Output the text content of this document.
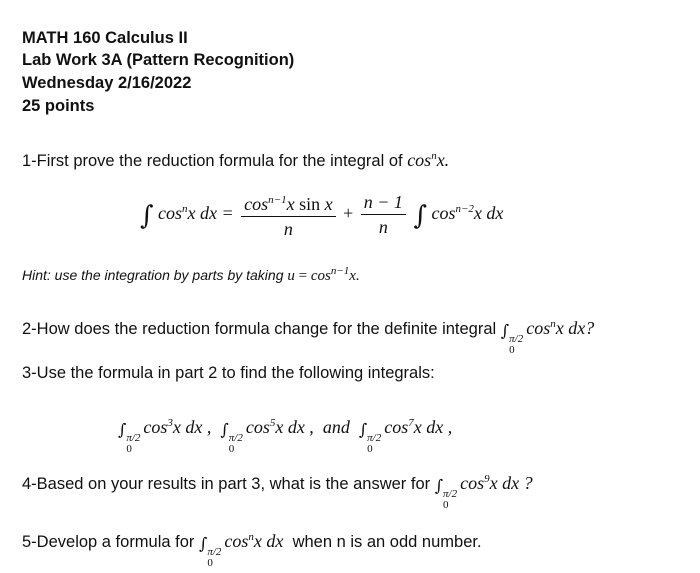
MATH 160 Calculus II
Lab Work 3A (Pattern Recognition)
Wednesday 2/16/2022
25 points
1-First prove the reduction formula for the integral of $\cos^nx$.
∫ $\cos^nx$ dx = $\frac{\cos^{n-1}x \sin x}{n} + \frac{n - 1}{n}$ ∫ $\cos^{n-2}x$ dx
Hint: use the integration by parts by taking $u = \cos^{n-1}x$.
2-How does the reduction formula change for the definite integral ∫ π/2
0
$\cos^nx$ dx?
3-Use the formula in part 2 to find the following integrals:
∫ π/2
0
$\cos^3x$ dx ,  ∫ π/2
0
$\cos^5x$ dx ,  and ∫ π/2
0
$\cos^7x$ dx ,
4-Based on your results in part 3, what is the answer for ∫ π/2
0
$\cos^9x$ dx ?
5-Develop a formula for ∫ π/2
0
$\cos^nx$ dx when n is an odd number.
